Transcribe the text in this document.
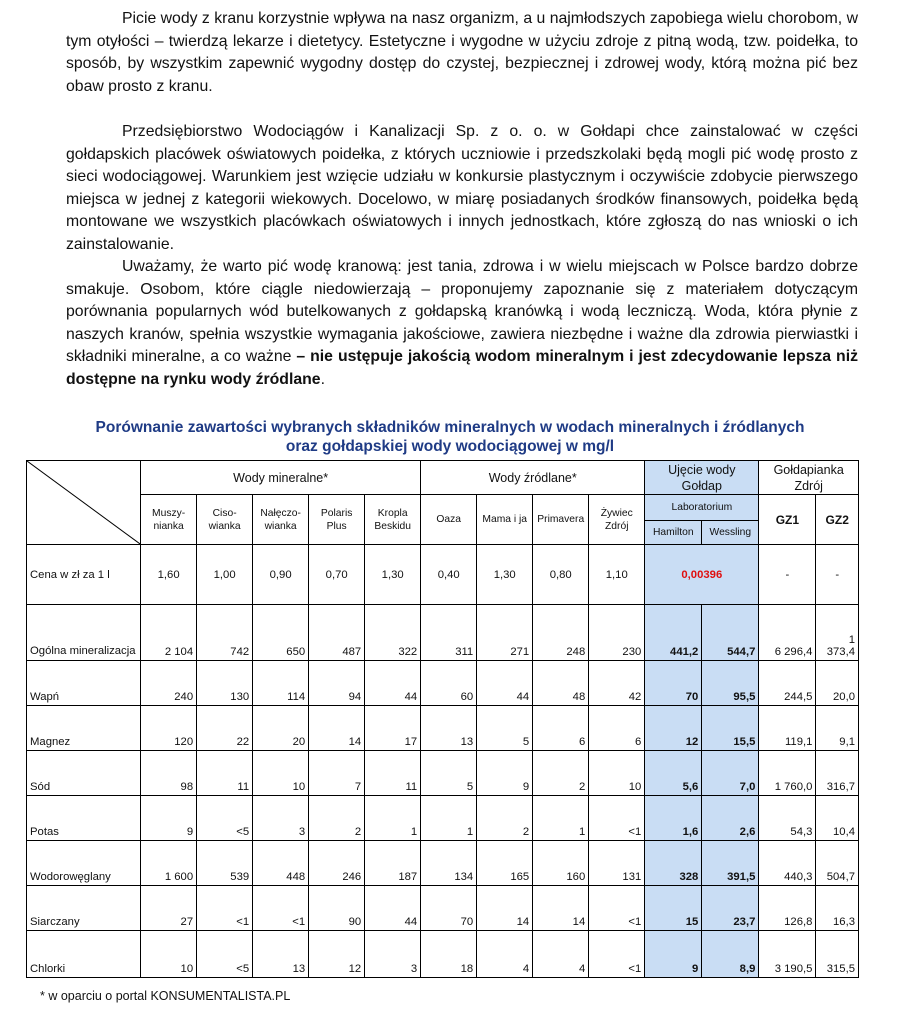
Picie wody z kranu korzystnie wpływa na nasz organizm, a u najmłodszych zapobiega wielu chorobom, w tym otyłości – twierdzą lekarze i dietetycy. Estetyczne i wygodne w użyciu zdroje z pitną wodą, tzw. poidełka, to sposób, by wszystkim zapewnić wygodny dostęp do czystej, bezpiecznej i zdrowej wody, którą można pić bez obaw prosto z kranu.

Przedsiębiorstwo Wodociągów i Kanalizacji Sp. z o. o. w Gołdapi chce zainstalować w części gołdapskich placówek oświatowych poidełka, z których uczniowie i przedszkolaki będą mogli pić wodę prosto z sieci wodociągowej. Warunkiem jest wzięcie udziału w konkursie plastycznym i oczywiście zdobycie pierwszego miejsca w jednej z kategorii wiekowych. Docelowo, w miarę posiadanych środków finansowych, poidełka będą montowane we wszystkich placówkach oświatowych i innych jednostkach, które zgłoszą do nas wnioski o ich zainstalowanie.

Uważamy, że warto pić wodę kranową: jest tania, zdrowa i w wielu miejscach w Polsce bardzo dobrze smakuje. Osobom, które ciągle niedowierzają – proponujemy zapoznanie się z materiałem dotyczącym porównania popularnych wód butelkowanych z gołdapską kranówką i wodą leczniczą. Woda, która płynie z naszych kranów, spełnia wszystkie wymagania jakościowe, zawiera niezbędne i ważne dla zdrowia pierwiastki i składniki mineralne, a co ważne – nie ustępuje jakością wodom mineralnym i jest zdecydowanie lepsza niż dostępne na rynku wody źródlane.

Porównanie zawartości wybranych składników mineralnych w wodach mineralnych i źródlanych
oraz gołdapskiej wody wodociągowej w mg/l
	Wody mineralne*					Wody źródlane*				Ujęcie wody Gołdap		Gołdapianka Zdrój	
	Muszy-nianka	Ciso-wianka	Nałęczo-wianka	Polaris Plus	Kropla Beskidu	Oaza	Mama i ja	Primavera	Żywiec Zdrój	Laboratorium		GZ1	GZ2
										Hamilton	Wessling		
Cena w zł za 1 l	1,60	1,00	0,90	0,70	1,30	0,40	1,30	0,80	1,10	0,00396		-	-
Ogólna mineralizacja	2 104	742	650	487	322	311	271	248	230	441,2	544,7	6 296,4	1 373,4
Wapń	240	130	114	94	44	60	44	48	42	70	95,5	244,5	20,0
Magnez	120	22	20	14	17	13	5	6	6	12	15,5	119,1	9,1
Sód	98	11	10	7	11	5	9	2	10	5,6	7,0	1 760,0	316,7
Potas	9	<5	3	2	1	1	2	1	<1	1,6	2,6	54,3	10,4
Wodorowęglany	1 600	539	448	246	187	134	165	160	131	328	391,5	440,3	504,7
Siarczany	27	<1	<1	90	44	70	14	14	<1	15	23,7	126,8	16,3
Chlorki	10	<5	13	12	3	18	4	4	<1	9	8,9	3 190,5	315,5
* w oparciu o portal KONSUMENTALISTA.PL
